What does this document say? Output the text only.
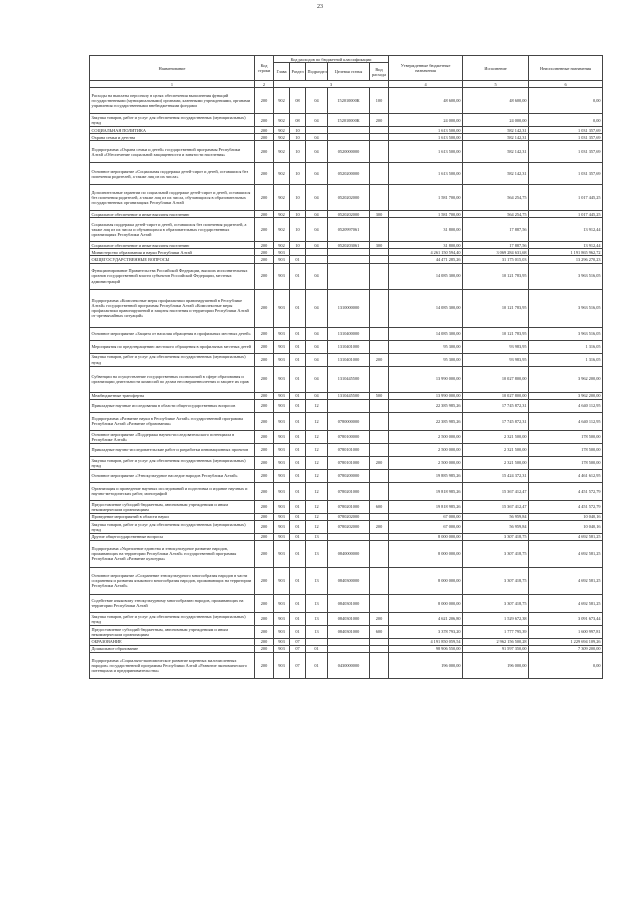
23
Наименование	Код строки	Код расходов по бюджетной классификации					Утвержденные бюджетные назначения	Исполнение	Неисполненные назначения
		Глава	Раздел	Подраздел	Целевая статья	Вид расхода			
1	2	3					4	5	6
Расходы на выплаты персоналу в целях обеспечения выполнения функций государственными (муниципальными) органами, казенными учреждениями, органами управления государственными внебюджетными фондами	200	902	08	04	152010000К	100	48 600,00	48 600,00	0,00
Закупка товаров, работ и услуг для обеспечения государственных (муниципальных) нужд	200	902	08	04	152010000К	200	24 000,00	24 000,00	0,00
СОЦИАЛЬНАЯ ПОЛИТИКА	200	902	10				1 613 500,00	582 142,31	1 031 357,69
Охрана семьи и детства	200	902	10	04			1 613 500,00	582 142,31	1 031 357,69
Подпрограмма «Охрана семьи и детей» государственной программы Республики Алтай «Обеспечение социальной защищенности и занятости населения»	200	902	10	04	0520000000		1 613 500,00	582 142,31	1 031 357,69
Основное мероприятие «Социальная поддержка детей-сирот и детей, оставшихся без попечения родителей, а также лиц из их числа»	200	902	10	04	0520200000		1 613 500,00	582 142,31	1 031 357,69
Дополнительные гарантии по социальной поддержке детей-сирот и детей, оставшихся без попечения родителей, а также лиц из их числа, обучающихся в образовательных государственных организациях Республики Алтай	200	902	10	04	0520202000		1 581 700,00	564 254,75	1 017 445,25
Социальное обеспечение и иные выплаты населению	200	902	10	04	0520202000	300	1 581 700,00	564 254,75	1 017 445,25
Социальная поддержка детей-сирот и детей, оставшихся без попечения родителей, а также лиц из их числа и обучающихся в образовательных государственных организациях Республики Алтай	200	902	10	04	0520997061		31 800,00	17 887,56	13 912,44
Социальное обеспечение и иные выплаты населению	200	902	10	04	0520203061	300	31 800,00	17 887,56	13 912,44
Министерство образования и науки Республики Алтай	200	903					4 261 150 594,40	3 069 284 631,68	1 191 865 962,72
ОБЩЕГОСУДАРСТВЕННЫЕ ВОПРОСЫ	200	903	01				44 471 285,26	31 175 015,03	13 296 270,23
Функционирование Правительства Российской Федерации, высших исполнительных органов государственной власти субъектов Российской Федерации, местных администраций	200	903	01	04			14 085 300,00	10 121 783,95	3 963 516,05
Подпрограмма «Комплексные меры профилактики правонарушений в Республике Алтай» государственной программы Республики Алтай «Комплексные меры профилактики правонарушений и защиты населения и территории Республики Алтай от чрезвычайных ситуаций»	200	903	01	04	1310000000		14 085 300,00	10 121 783,95	3 963 516,05
Основное мероприятие «Защита от насилия обращения в профильных местных детей»	200	903	01	04	1310400000		14 085 300,00	10 121 783,95	3 963 516,05
Мероприятия по предотвращению жестокого обращения в профильных местных детей	200	903	01	04	1310401000		95 300,00	93 983,95	1 316,05
Закупка товаров, работ и услуг для обеспечения государственных (муниципальных) нужд	200	903	01	04	1310401000	200	95 300,00	93 983,95	1 316,05
Субвенции на осуществление государственных полномочий в сфере образования и организации деятельности комиссий по делам несовершеннолетних и защите их прав	200	903	01	04	1310445500		13 990 000,00	10 027 800,00	3 962 200,00
Межбюджетные трансферты	200	903	01	04	1310445500	500	13 990 000,00	10 027 800,00	3 962 200,00
Прикладные научные исследования в области общегосударственных вопросов	200	903	01	12			22 385 985,26	17 745 872,31	4 640 112,95
Подпрограмма «Развитие науки в Республике Алтай» государственной программы Республики Алтай «Развитие образования»	200	903	01	12	0780000000		22 385 985,26	17 745 872,31	4 640 112,95
Основное мероприятие «Поддержка научно-исследовательского потенциала в Республике Алтай»	200	903	01	12	0780100000		2 500 000,00	2 321 500,00	178 500,00
Прикладные научно-исследовательские работ и разработки инновационных проектов	200	903	01	12	0780101000		2 500 000,00	2 321 500,00	178 500,00
Закупка товаров, работ и услуг для обеспечения государственных (муниципальных) нужд	200	903	01	12	0780101000	200	2 500 000,00	2 321 500,00	178 500,00
Основное мероприятие «Этнокультурное наследие народов Республики Алтай»	200	903	01	12	0780200000		19 885 985,26	15 424 372,31	4 461 612,95
Организация и проведение научных исследований и подготовка и издание научных и научно-методических работ, монографий	200	903	01	12	0780201000		19 818 985,26	15 367 412,47	4 451 572,79
Предоставление субсидий бюджетным, автономным учреждениям и иным некоммерческим организациям	200	903	01	12	0780201000	600	19 818 985,26	15 367 412,47	4 451 572,79
Проведение мероприятий в области науки	200	903	01	12	0780202000		67 000,00	56 959,84	10 040,16
Закупка товаров, работ и услуг для обеспечения государственных (муниципальных) нужд	200	903	01	12	0780202000	200	67 000,00	56 959,84	10 040,16
Другие общегосударственные вопросы	200	903	01	13			8 000 000,00	3 307 418,75	4 692 581,25
Подпрограмма «Укрепление единства и этнокультурное развитие народов, проживающих на территории Республики Алтай» государственной программы Республики Алтай «Развитие культуры»	200	903	01	13	0840000000		8 000 000,00	3 307 418,75	4 692 581,25
Основное мероприятие «Сохранение этнокультурного многообразия народов в части сохранения и развития языкового многообразия народов, проживающих на территории Республики Алтай»	200	903	01	13	0840300000		8 000 000,00	3 307 418,75	4 692 581,25
Содействие языковому этнокультурному многообразию народов, проживающих на территории Республики Алтай	200	903	01	13	0840301000		8 000 000,00	3 307 418,75	4 692 581,25
Закупка товаров, работ и услуг для обеспечения государственных (муниципальных) нужд	200	903	01	13	0840301000	200	4 621 206,80	1 529 672,38	3 091 673,44
Предоставление субсидий бюджетным, автономным учреждениям и иным некоммерческим организациям	200	903	01	13	0840301000	600	3 378 793,20	1 777 795,39	1 600 997,81
ОБРАЗОВАНИЕ	200	903	07				4 191 850 059,54	2 962 156 500,28	1 229 694 109,26
Дошкольное образование	200	903	07	01			98 906 550,00	91 597 350,00	7 309 200,00
Подпрограмма «Социально-экономическое развитие коренных малочисленных народов» государственной программы Республики Алтай «Развитие экономического потенциала и предпринимательства»	200	903	07	01	0430000000		196 000,00	196 000,00	0,00
